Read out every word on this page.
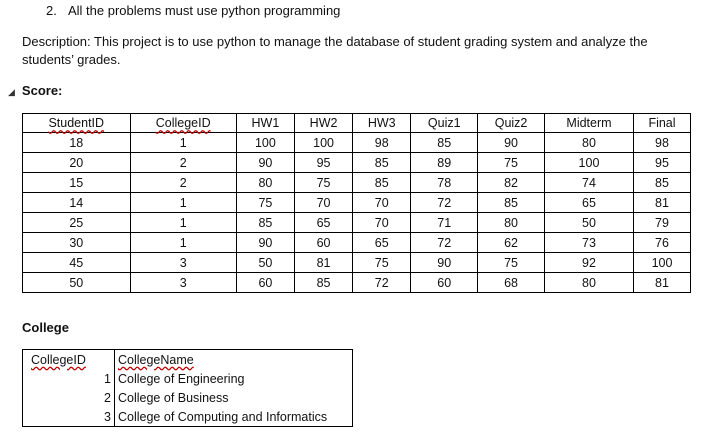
2. All the problems must use python programming
Description: This project is to use python to manage the database of student grading system and analyze the students’ grades.
◢ Score:
StudentID	CollegeID	HW1	HW2	HW3	Quiz1	Quiz2	Midterm	Final
18	1	100	100	98	85	90	80	98
20	2	90	95	85	89	75	100	95
15	2	80	75	85	78	82	74	85
14	1	75	70	70	72	85	65	81
25	1	85	65	70	71	80	50	79
30	1	90	60	65	72	62	73	76
45	3	50	81	75	90	75	92	100
50	3	60	85	72	60	68	80	81
College
CollegeID	CollegeName
1	College of Engineering
2	College of Business
3	College of Computing and Informatics
